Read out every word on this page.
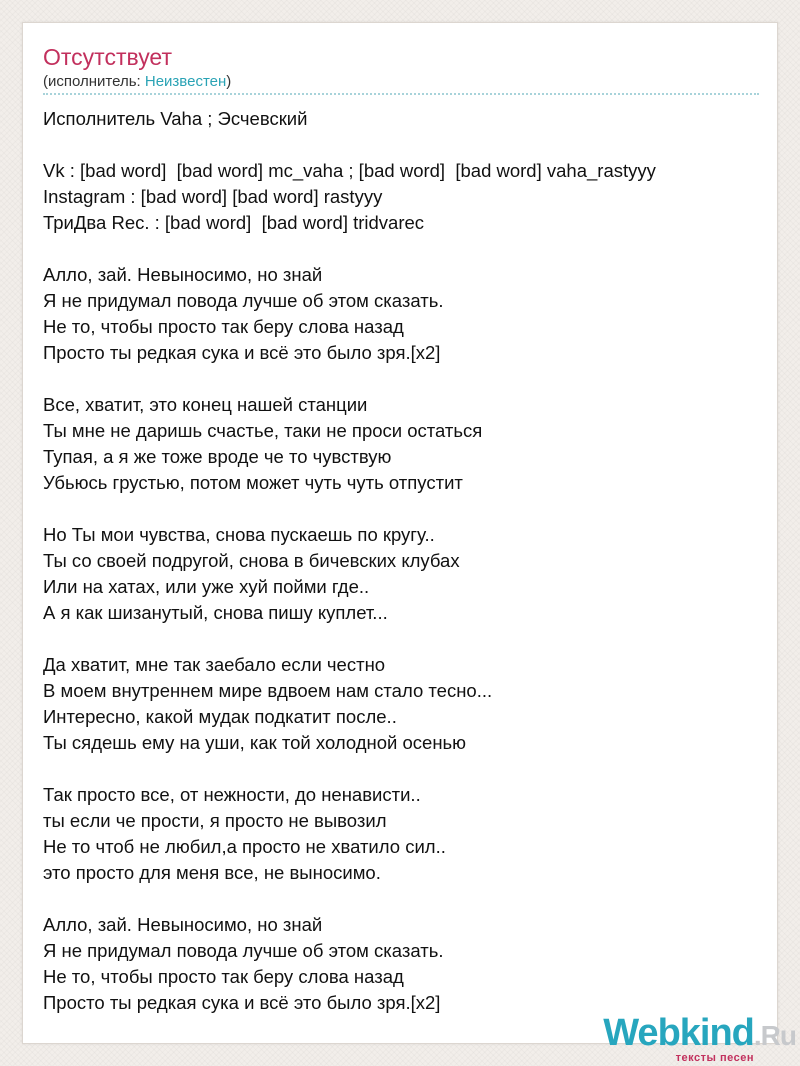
Отсутствует
(исполнитель: Неизвестен)
Исполнитель Vaha ; Эсчевский
Vk : [bad word]  [bad word] mc_vaha ; [bad word]  [bad word] vaha_rastyyy
Instagram : [bad word] [bad word] rastyyy
ТриДва Rec. : [bad word]  [bad word] tridvarec
Алло, зай. Невыносимо, но знай
Я не придумал повода лучше об этом сказать.
Не то, чтобы просто так беру слова назад
Просто ты редкая сука и всё это было зря.[x2]
Все, хватит, это конец нашей станции
Ты мне не даришь счастье, таки не проси остаться
Тупая, а я же тоже вроде че то чувствую
Убьюсь грустью, потом может чуть чуть отпустит
Но Ты мои чувства, снова пускаешь по кругу..
Ты со своей подругой, снова в бичевских клубах
Или на хатах, или уже хуй пойми где..
А я как шизанутый, снова пишу куплет...
Да хватит, мне так заебало если честно
В моем внутреннем мире вдвоем нам стало тесно...
Интересно, какой мудак подкатит после..
Ты сядешь ему на уши, как той холодной осенью
Так просто все, от нежности, до ненависти..
ты если че прости, я просто не вывозил
Не то чтоб не любил,а просто не хватило сил..
это просто для меня все, не выносимо.
Алло, зай. Невыносимо, но знай
Я не придумал повода лучше об этом сказать.
Не то, чтобы просто так беру слова назад
Просто ты редкая сука и всё это было зря.[x2]
Webkind.Ru
тексты песен
